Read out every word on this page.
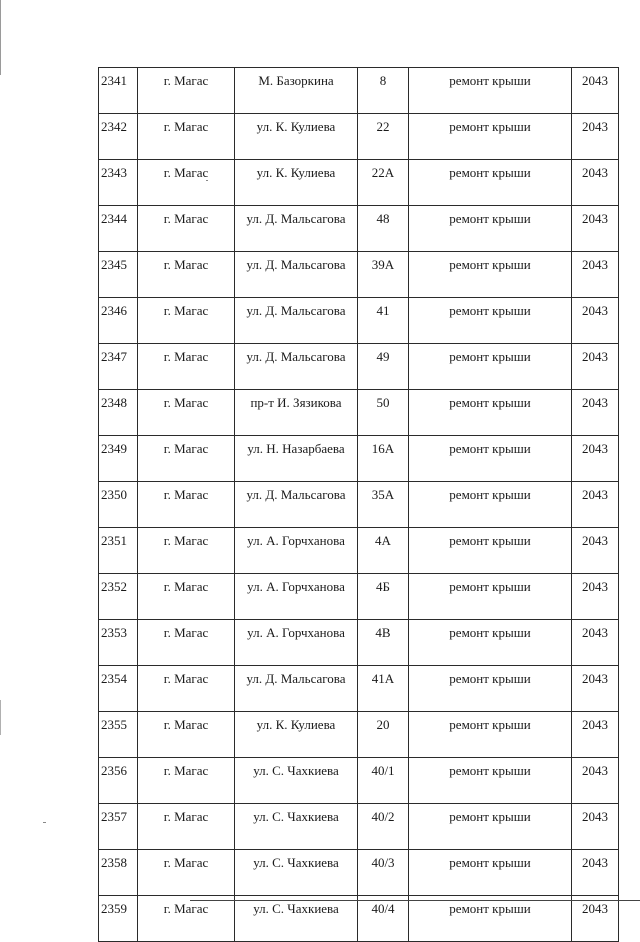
2341	г. Магас	М. Базоркина	8	ремонт крыши	2043
2342	г. Магас	ул. К. Кулиева	22	ремонт крыши	2043
2343	г. Магас	ул. К. Кулиева	22А	ремонт крыши	2043
2344	г. Магас	ул. Д. Мальсагова	48	ремонт крыши	2043
2345	г. Магас	ул. Д. Мальсагова	39А	ремонт крыши	2043
2346	г. Магас	ул. Д. Мальсагова	41	ремонт крыши	2043
2347	г. Магас	ул. Д. Мальсагова	49	ремонт крыши	2043
2348	г. Магас	пр-т И. Зязикова	50	ремонт крыши	2043
2349	г. Магас	ул. Н. Назарбаева	16А	ремонт крыши	2043
2350	г. Магас	ул. Д. Мальсагова	35А	ремонт крыши	2043
2351	г. Магас	ул. А. Горчханова	4А	ремонт крыши	2043
2352	г. Магас	ул. А. Горчханова	4Б	ремонт крыши	2043
2353	г. Магас	ул. А. Горчханова	4В	ремонт крыши	2043
2354	г. Магас	ул. Д. Мальсагова	41А	ремонт крыши	2043
2355	г. Магас	ул. К. Кулиева	20	ремонт крыши	2043
2356	г. Магас	ул. С. Чахкиева	40/1	ремонт крыши	2043
2357	г. Магас	ул. С. Чахкиева	40/2	ремонт крыши	2043
2358	г. Магас	ул. С. Чахкиева	40/3	ремонт крыши	2043
2359	г. Магас	ул. С. Чахкиева	40/4	ремонт крыши	2043
